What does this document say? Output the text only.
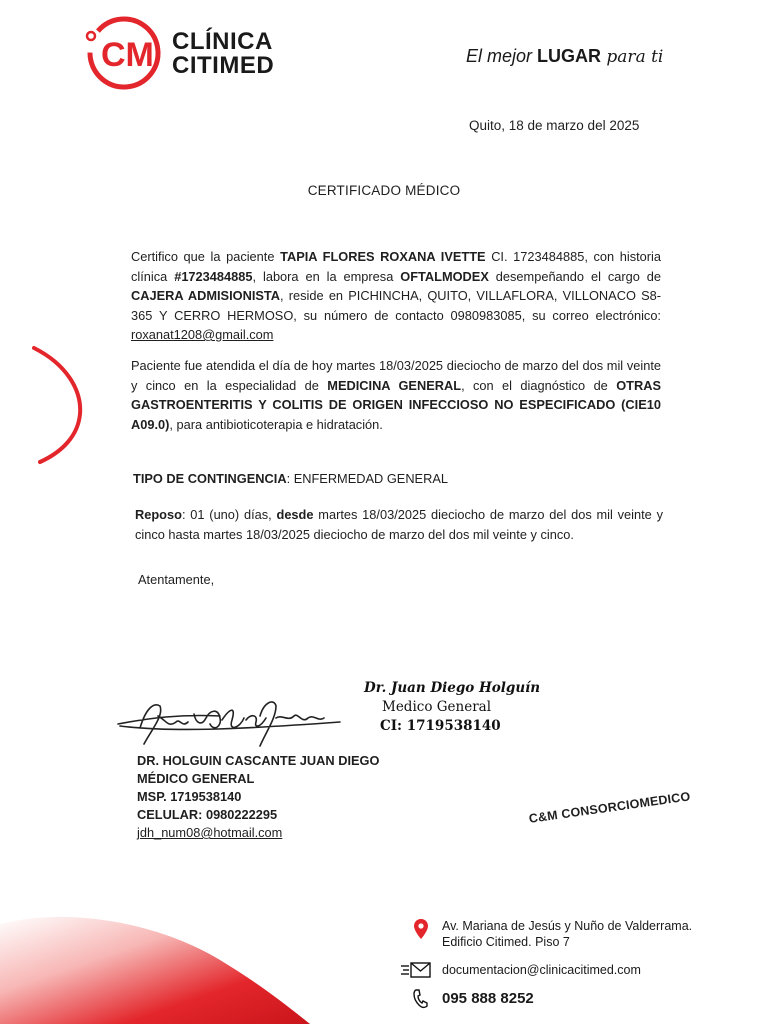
CM CLÍNICA
CITIMED	El mejor LUGAR para ti
Quito, 18 de marzo del 2025
CERTIFICADO MÉDICO
Certifico que la paciente TAPIA FLORES ROXANA IVETTE CI. 1723484885, con historia clínica #1723484885, labora en la empresa OFTALMODEX desempeñando el cargo de CAJERA ADMISIONISTA, reside en PICHINCHA, QUITO, VILLAFLORA, VILLONACO S8-365 Y CERRO HERMOSO, su número de contacto 0980983085, su correo electrónico: roxanat1208@gmail.com
Paciente fue atendida el día de hoy martes 18/03/2025 dieciocho de marzo del dos mil veinte y cinco en la especialidad de MEDICINA GENERAL, con el diagnóstico de OTRAS GASTROENTERITIS Y COLITIS DE ORIGEN INFECCIOSO NO ESPECIFICADO (CIE10 A09.0), para antibioticoterapia e hidratación.
TIPO DE CONTINGENCIA: ENFERMEDAD GENERAL
Reposo: 01 (uno) días, desde martes 18/03/2025 dieciocho de marzo del dos mil veinte y cinco hasta martes 18/03/2025 dieciocho de marzo del dos mil veinte y cinco.
Atentamente,
Dr. Juan Diego Holguín
Medico General
CI: 1719538140
DR. HOLGUIN CASCANTE JUAN DIEGO
MÉDICO GENERAL
MSP. 1719538140
CELULAR: 0980222295
jdh_num08@hotmail.com
C&M CONSORCIOMEDICO
Av. Mariana de Jesús y Nuño de Valderrama.
Edificio Citimed. Piso 7
documentacion@clinicacitimed.com
095 888 8252
